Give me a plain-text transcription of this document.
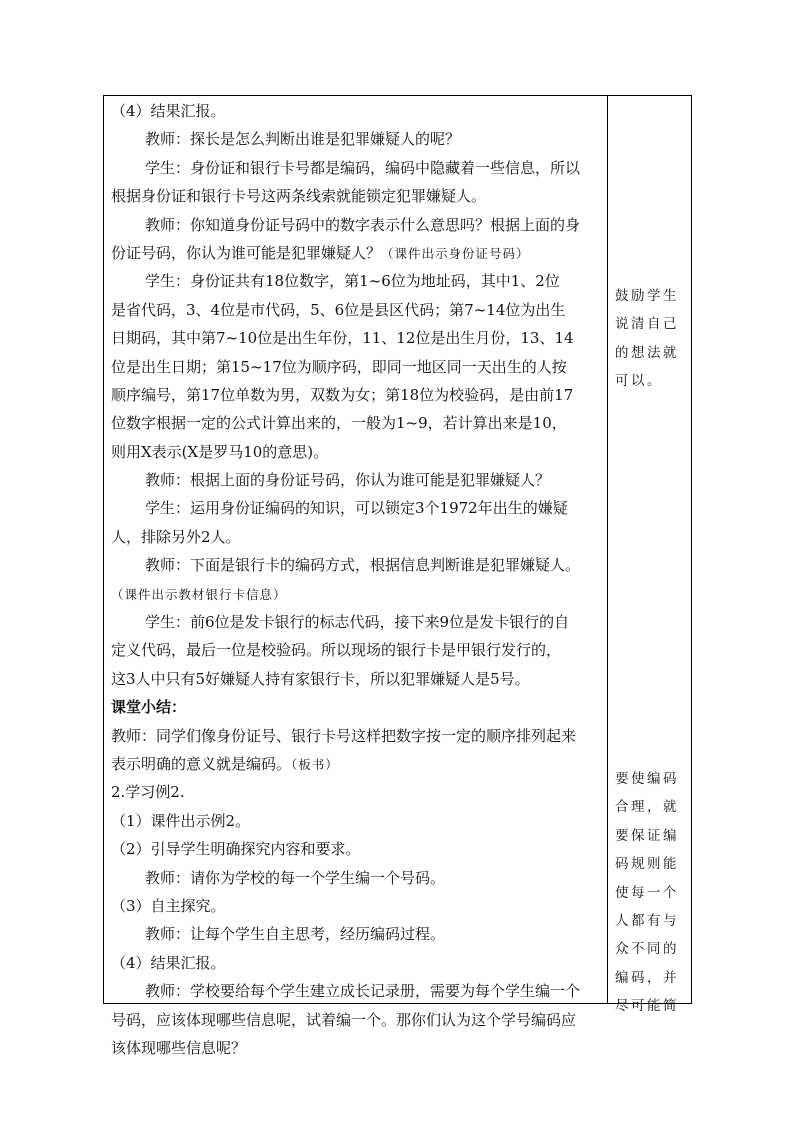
（4）结果汇报。
教师：探长是怎么判断出谁是犯罪嫌疑人的呢？
学生：身份证和银行卡号都是编码，编码中隐藏着一些信息，所以
根据身份证和银行卡号这两条线索就能锁定犯罪嫌疑人。
教师：你知道身份证号码中的数字表示什么意思吗？根据上面的身
份证号码，你认为谁可能是犯罪嫌疑人？（课件出示身份证号码）
学生：身份证共有18位数字，第1~6位为地址码，其中1、2位
是省代码，3、4位是市代码，5、6位是县区代码；第7~14位为出生
日期码，其中第7~10位是出生年份，11、12位是出生月份，13、14
位是出生日期；第15~17位为顺序码，即同一地区同一天出生的人按
顺序编号，第17位单数为男，双数为女；第18位为校验码，是由前17
位数字根据一定的公式计算出来的，一般为1~9，若计算出来是10，
则用X表示(X是罗马10的意思)。
教师：根据上面的身份证号码，你认为谁可能是犯罪嫌疑人？
学生：运用身份证编码的知识，可以锁定3个1972年出生的嫌疑
人，排除另外2人。
教师：下面是银行卡的编码方式，根据信息判断谁是犯罪嫌疑人。
（课件出示教材银行卡信息）
学生：前6位是发卡银行的标志代码，接下来9位是发卡银行的自
定义代码，最后一位是校验码。所以现场的银行卡是甲银行发行的，
这3人中只有5好嫌疑人持有家银行卡，所以犯罪嫌疑人是5号。
课堂小结：
教师：同学们像身份证号、银行卡号这样把数字按一定的顺序排列起来
表示明确的意义就是编码。（板书）
2.学习例2.
（1）课件出示例2。
（2）引导学生明确探究内容和要求。
教师：请你为学校的每一个学生编一个号码。
（3）自主探究。
教师：让每个学生自主思考，经历编码过程。
（4）结果汇报。
教师：学校要给每个学生建立成长记录册，需要为每个学生编一个
号码，应该体现哪些信息呢，试着编一个。那你们认为这个学号编码应
该体现哪些信息呢？
鼓励学生
说清自己
的想法就
可以。
要使编码
合理，就
要保证编
码规则能
使每一个
人都有与
众不同的
编码，并
尽可能简
